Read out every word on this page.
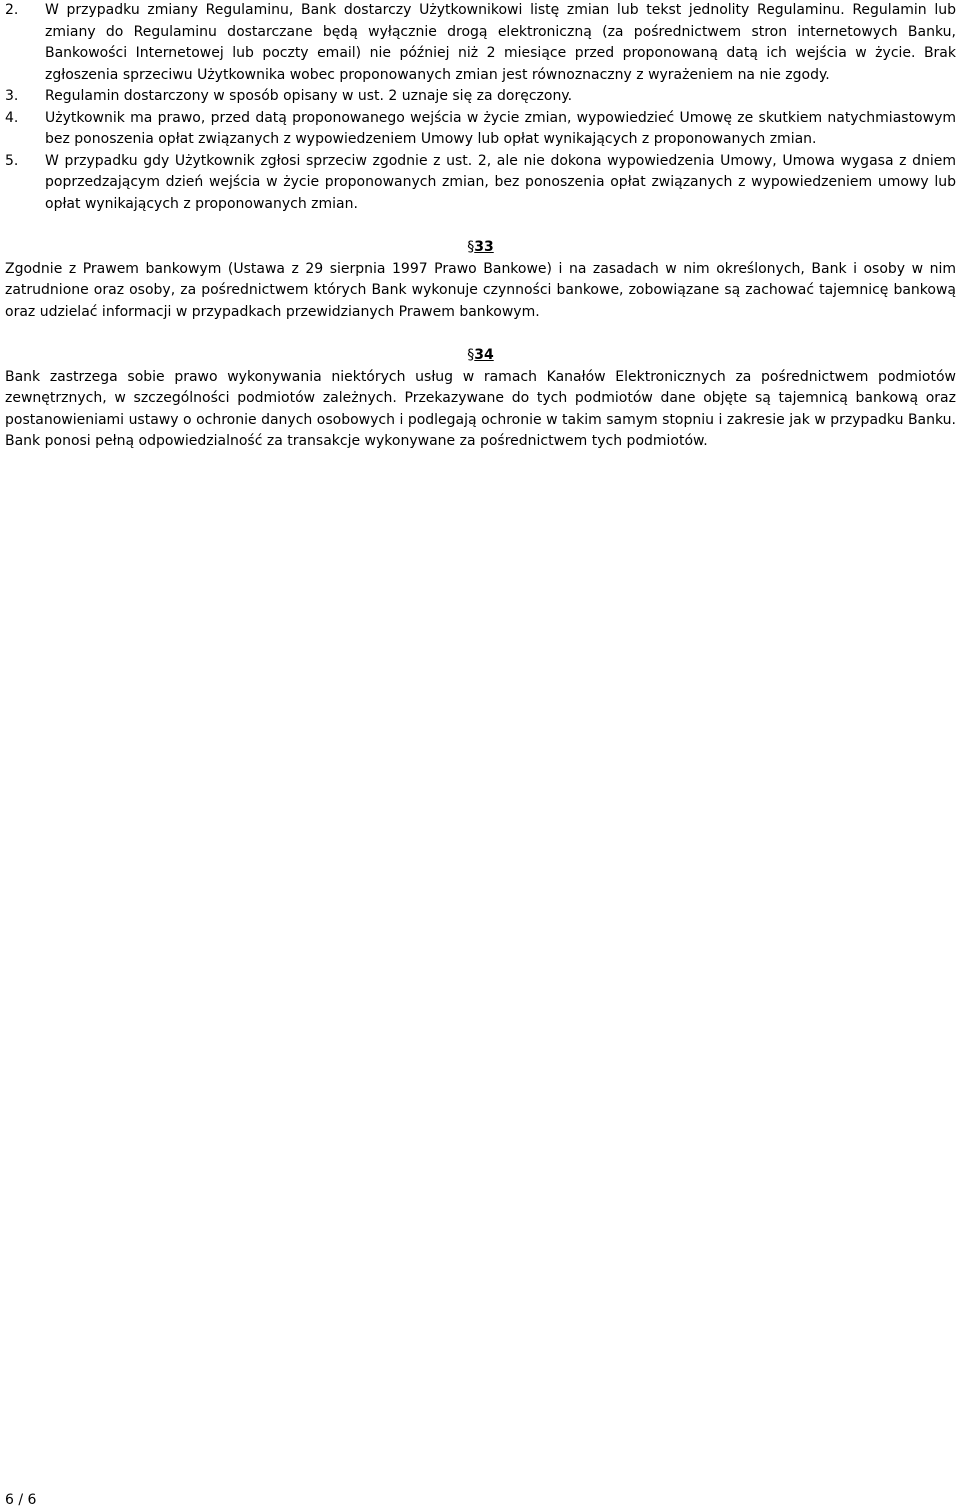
2. W przypadku zmiany Regulaminu, Bank dostarczy Użytkownikowi listę zmian lub tekst jednolity Regulaminu. Regulamin lub zmiany do Regulaminu dostarczane będą wyłącznie drogą elektroniczną (za pośrednictwem stron internetowych Banku, Bankowości Internetowej lub poczty email) nie później niż 2 miesiące przed proponowaną datą ich wejścia w życie. Brak zgłoszenia sprzeciwu Użytkownika wobec proponowanych zmian jest równoznaczny z wyrażeniem na nie zgody.
3. Regulamin dostarczony w sposób opisany w ust. 2 uznaje się za doręczony.
4. Użytkownik ma prawo, przed datą proponowanego wejścia w życie zmian, wypowiedzieć Umowę ze skutkiem natychmiastowym bez ponoszenia opłat związanych z wypowiedzeniem Umowy lub opłat wynikających z proponowanych zmian.
5. W przypadku gdy Użytkownik zgłosi sprzeciw zgodnie z ust. 2, ale nie dokona wypowiedzenia Umowy, Umowa wygasa z dniem poprzedzającym dzień wejścia w życie proponowanych zmian, bez ponoszenia opłat związanych z wypowiedzeniem umowy lub opłat wynikających z proponowanych zmian.

§33

Zgodnie z Prawem bankowym (Ustawa z 29 sierpnia 1997 Prawo Bankowe) i na zasadach w nim określonych, Bank i osoby w nim zatrudnione oraz osoby, za pośrednictwem których Bank wykonuje czynności bankowe, zobowiązane są zachować tajemnicę bankową oraz udzielać informacji w przypadkach przewidzianych Prawem bankowym.

§34

Bank zastrzega sobie prawo wykonywania niektórych usług w ramach Kanałów Elektronicznych za pośrednictwem podmiotów zewnętrznych, w szczególności podmiotów zależnych. Przekazywane do tych podmiotów dane objęte są tajemnicą bankową oraz postanowieniami ustawy o ochronie danych osobowych i podlegają ochronie w takim samym stopniu i zakresie jak w przypadku Banku. Bank ponosi pełną odpowiedzialność za transakcje wykonywane za pośrednictwem tych podmiotów.

6 / 6
